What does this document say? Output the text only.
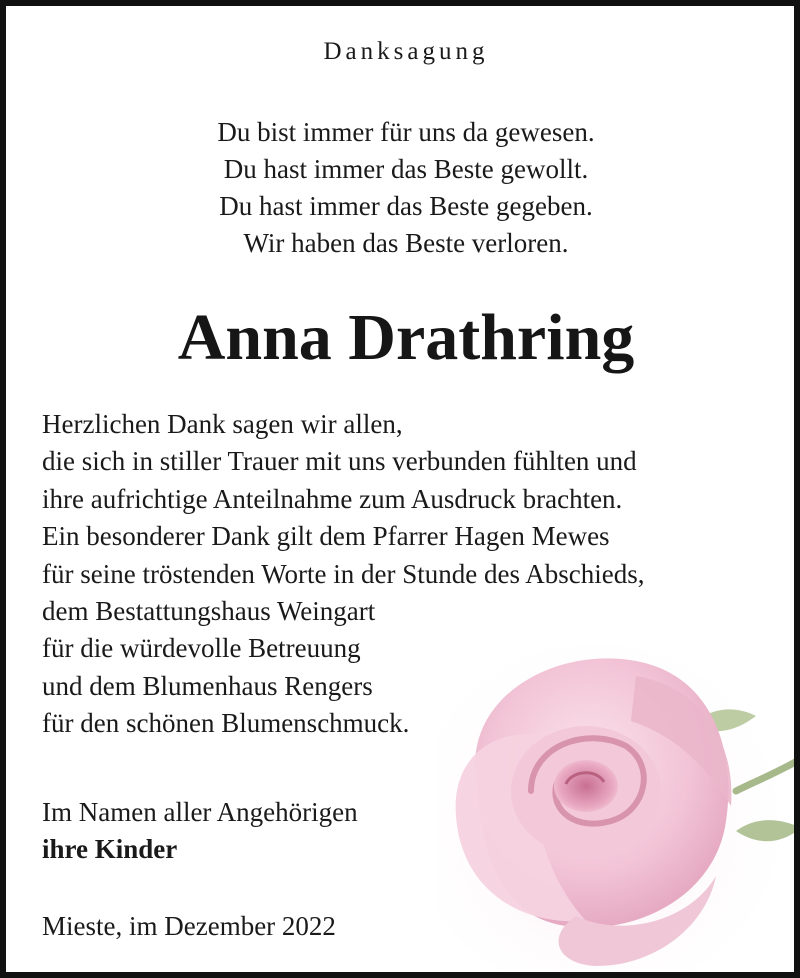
Danksagung
Du bist immer für uns da gewesen.
Du hast immer das Beste gewollt.
Du hast immer das Beste gegeben.
Wir haben das Beste verloren.
Anna Drathring
Herzlichen Dank sagen wir allen,
die sich in stiller Trauer mit uns verbunden fühlten und
ihre aufrichtige Anteilnahme zum Ausdruck brachten.
Ein besonderer Dank gilt dem Pfarrer Hagen Mewes
für seine tröstenden Worte in der Stunde des Abschieds,
dem Bestattungshaus Weingart
für die würdevolle Betreuung
und dem Blumenhaus Rengers
für den schönen Blumenschmuck.
Im Namen aller Angehörigen
ihre Kinder
Mieste, im Dezember 2022
